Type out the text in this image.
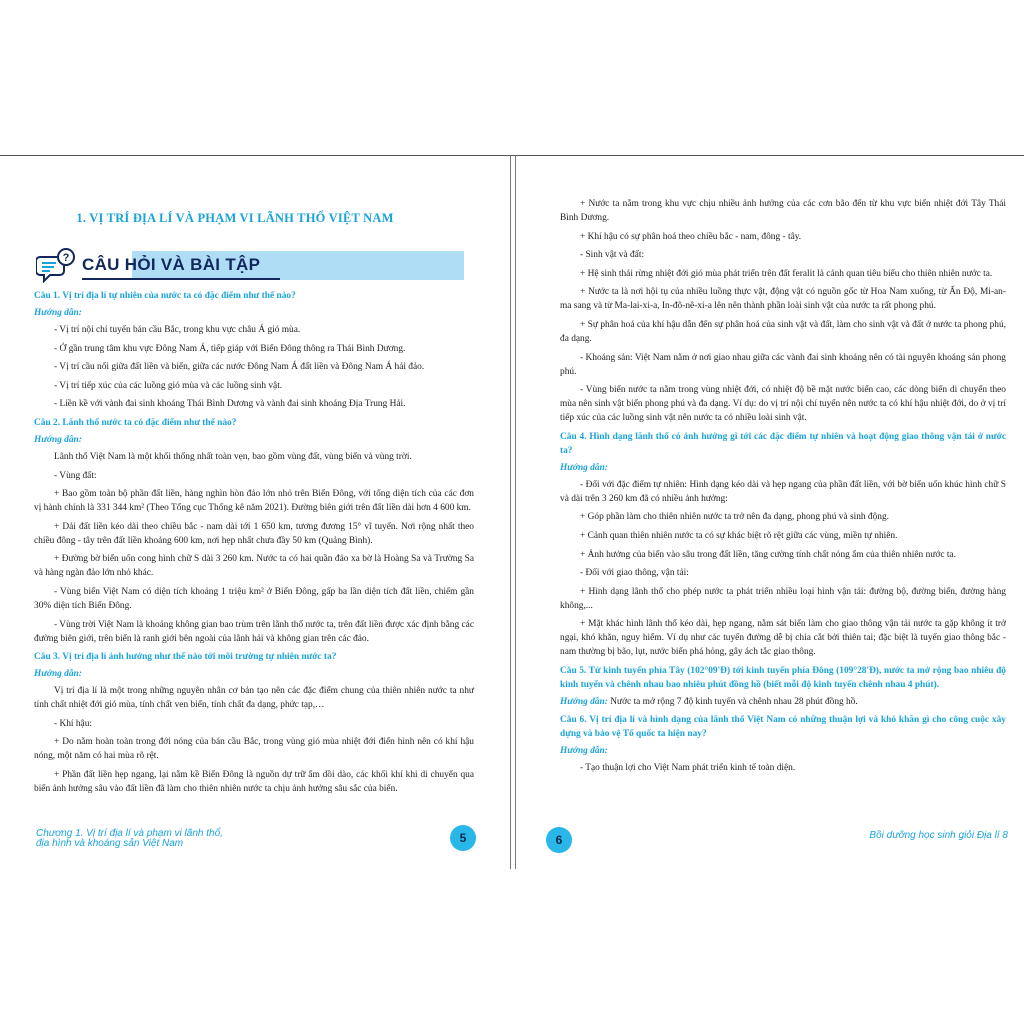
1. VỊ TRÍ ĐỊA LÍ VÀ PHẠM VI LÃNH THỔ VIỆT NAM
? CÂU HỎI VÀ BÀI TẬP
Câu 1. Vị trí địa lí tự nhiên của nước ta có đặc điểm như thế nào?
Hướng dẫn:
- Vị trí nội chí tuyến bán cầu Bắc, trong khu vực châu Á gió mùa.
- Ở gần trung tâm khu vực Đông Nam Á, tiếp giáp với Biển Đông thông ra Thái Bình Dương.
- Vị trí cầu nối giữa đất liền và biển, giữa các nước Đông Nam Á đất liền và Đông Nam Á hải đảo.
- Vị trí tiếp xúc của các luồng gió mùa và các luồng sinh vật.
- Liền kề với vành đai sinh khoáng Thái Bình Dương và vành đai sinh khoáng Địa Trung Hải.
Câu 2. Lãnh thổ nước ta có đặc điểm như thế nào?
Hướng dẫn:
Lãnh thổ Việt Nam là một khối thống nhất toàn vẹn, bao gồm vùng đất, vùng biển và vùng trời.
- Vùng đất:
+ Bao gồm toàn bộ phần đất liền, hàng nghìn hòn đảo lớn nhỏ trên Biển Đông, với tổng diện tích của các đơn vị hành chính là 331 344 km² (Theo Tổng cục Thống kê năm 2021). Đường biên giới trên đất liền dài hơn 4 600 km.
+ Dải đất liền kéo dài theo chiều bắc - nam dài tới 1 650 km, tương đương 15° vĩ tuyến. Nơi rộng nhất theo chiều đông - tây trên đất liền khoảng 600 km, nơi hẹp nhất chưa đầy 50 km (Quảng Bình).
+ Đường bờ biển uốn cong hình chữ S dài 3 260 km. Nước ta có hai quần đảo xa bờ là Hoàng Sa và Trường Sa và hàng ngàn đảo lớn nhỏ khác.
- Vùng biển Việt Nam có diện tích khoảng 1 triệu km² ở Biển Đông, gấp ba lần diện tích đất liền, chiếm gần 30% diện tích Biển Đông.
- Vùng trời Việt Nam là khoảng không gian bao trùm trên lãnh thổ nước ta, trên đất liền được xác định bằng các đường biên giới, trên biển là ranh giới bên ngoài của lãnh hải và không gian trên các đảo.
Câu 3. Vị trí địa lí ảnh hưởng như thế nào tới môi trường tự nhiên nước ta?
Hướng dẫn:
Vị trí địa lí là một trong những nguyên nhân cơ bản tạo nên các đặc điểm chung của thiên nhiên nước ta như tính chất nhiệt đới gió mùa, tính chất ven biển, tính chất đa dạng, phức tạp,…
- Khí hậu:
+ Do nằm hoàn toàn trong đới nóng của bán cầu Bắc, trong vùng gió mùa nhiệt đới điển hình nên có khí hậu nóng, một năm có hai mùa rõ rệt.
+ Phần đất liền hẹp ngang, lại nằm kề Biển Đông là nguồn dự trữ ẩm dồi dào, các khối khí khi di chuyển qua biển ảnh hưởng sâu vào đất liền đã làm cho thiên nhiên nước ta chịu ảnh hưởng sâu sắc của biển.
Chương 1. Vị trí địa lí và phạm vi lãnh thổ,
địa hình và khoáng sản Việt Nam	5
+ Nước ta nằm trong khu vực chịu nhiều ảnh hưởng của các cơn bão đến từ khu vực biển nhiệt đới Tây Thái Bình Dương.
+ Khí hậu có sự phân hoá theo chiều bắc - nam, đông - tây.
- Sinh vật và đất:
+ Hệ sinh thái rừng nhiệt đới gió mùa phát triển trên đất feralit là cảnh quan tiêu biểu cho thiên nhiên nước ta.
+ Nước ta là nơi hội tụ của nhiều luồng thực vật, động vật có nguồn gốc từ Hoa Nam xuống, từ Ấn Độ, Mi-an-ma sang và từ Ma-lai-xi-a, In-đô-nê-xi-a lên nên thành phần loài sinh vật của nước ta rất phong phú.
+ Sự phân hoá của khí hậu dẫn đến sự phân hoá của sinh vật và đất, làm cho sinh vật và đất ở nước ta phong phú, đa dạng.
- Khoáng sản: Việt Nam nằm ở nơi giao nhau giữa các vành đai sinh khoáng nên có tài nguyên khoáng sản phong phú.
- Vùng biển nước ta nằm trong vùng nhiệt đới, có nhiệt độ bề mặt nước biển cao, các dòng biển di chuyển theo mùa nên sinh vật biển phong phú và đa dạng. Ví dụ: do vị trí nội chí tuyến nên nước ta có khí hậu nhiệt đới, do ở vị trí tiếp xúc của các luồng sinh vật nên nước ta có nhiều loài sinh vật.
Câu 4. Hình dạng lãnh thổ có ảnh hưởng gì tới các đặc điểm tự nhiên và hoạt động giao thông vận tải ở nước ta?
Hướng dẫn:
- Đối với đặc điểm tự nhiên: Hình dạng kéo dài và hẹp ngang của phần đất liền, với bờ biển uốn khúc hình chữ S và dài trên 3 260 km đã có nhiều ảnh hưởng:
+ Góp phần làm cho thiên nhiên nước ta trở nên đa dạng, phong phú và sinh động.
+ Cảnh quan thiên nhiên nước ta có sự khác biệt rõ rệt giữa các vùng, miền tự nhiên.
+ Ảnh hưởng của biển vào sâu trong đất liền, tăng cường tính chất nóng ẩm của thiên nhiên nước ta.
- Đối với giao thông, vận tải:
+ Hình dạng lãnh thổ cho phép nước ta phát triển nhiều loại hình vận tải: đường bộ, đường biển, đường hàng không,...
+ Mặt khác hình lãnh thổ kéo dài, hẹp ngang, nằm sát biển làm cho giao thông vận tải nước ta gặp không ít trở ngại, khó khăn, nguy hiểm. Ví dụ như các tuyến đường dễ bị chia cắt bởi thiên tai; đặc biệt là tuyến giao thông bắc - nam thường bị bão, lụt, nước biển phá hỏng, gây ách tắc giao thông.
Câu 5. Từ kinh tuyến phía Tây (102°09'Đ) tới kinh tuyến phía Đông (109°28'Đ), nước ta mở rộng bao nhiêu độ kinh tuyến và chênh nhau bao nhiêu phút đồng hồ (biết mỗi độ kinh tuyến chênh nhau 4 phút).
Hướng dẫn: Nước ta mở rộng 7 độ kinh tuyến và chênh nhau 28 phút đồng hồ.
Câu 6. Vị trí địa lí và hình dạng của lãnh thổ Việt Nam có những thuận lợi và khó khăn gì cho công cuộc xây dựng và bảo vệ Tổ quốc ta hiện nay?
Hướng dẫn:
- Tạo thuận lợi cho Việt Nam phát triển kinh tế toàn diện.
6	Bồi dưỡng học sinh giỏi Địa lí 8
